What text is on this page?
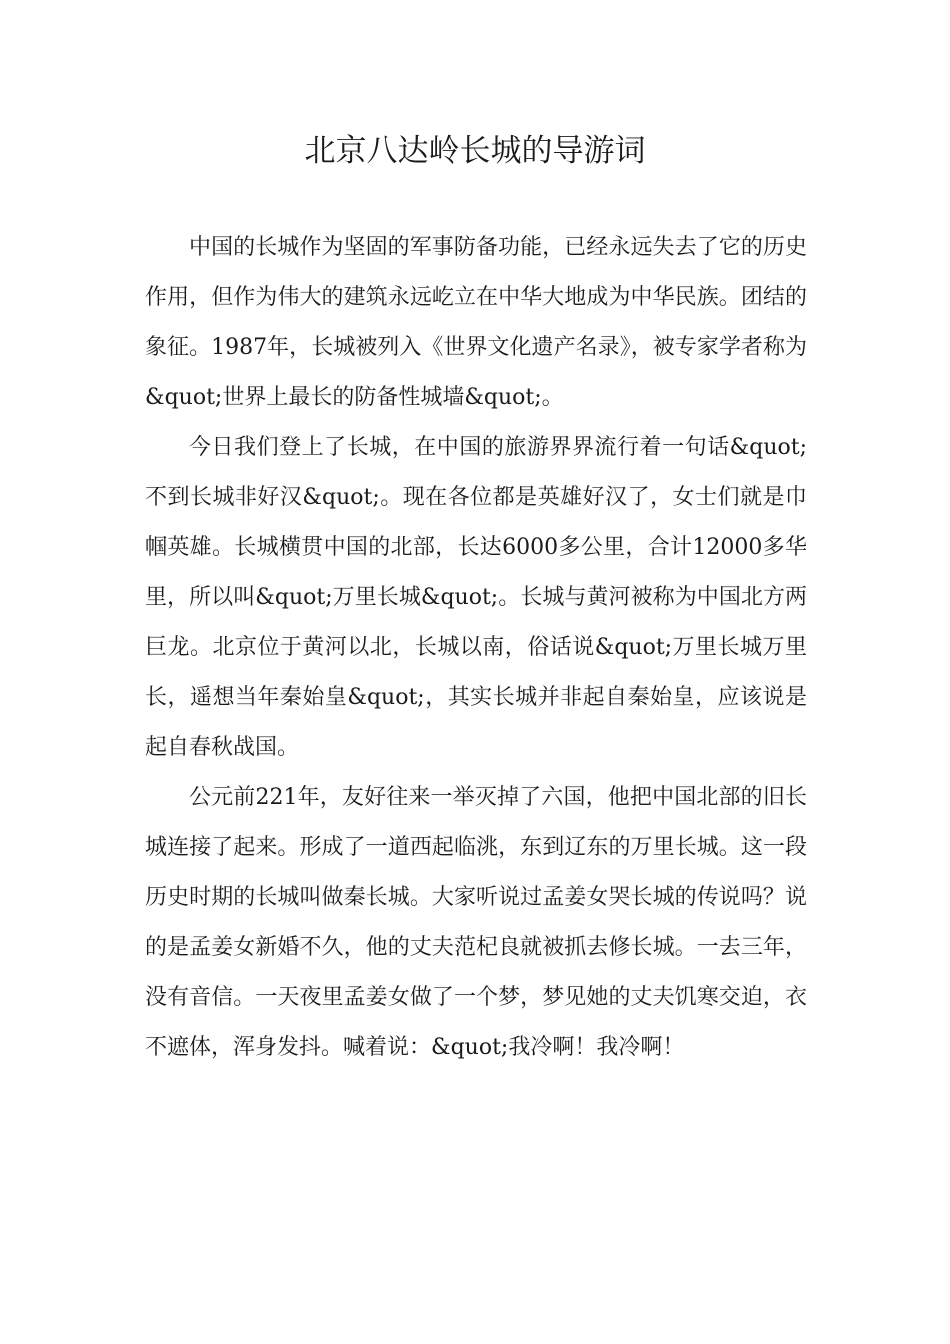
北京八达岭长城的导游词

中国的长城作为坚固的军事防备功能，已经永远失去了它的历史作用，但作为伟大的建筑永远屹立在中华大地成为中华民族。团结的象征。1987年，长城被列入《世界文化遗产名录》，被专家学者称为&quot;世界上最长的防备性城墙&quot;。

今日我们登上了长城，在中国的旅游界界流行着一句话&quot;不到长城非好汉&quot;。现在各位都是英雄好汉了，女士们就是巾帼英雄。长城横贯中国的北部，长达6000多公里，合计12000多华里，所以叫&quot;万里长城&quot;。长城与黄河被称为中国北方两巨龙。北京位于黄河以北，长城以南，俗话说&quot;万里长城万里长，遥想当年秦始皇&quot;，其实长城并非起自秦始皇，应该说是起自春秋战国。

公元前221年，友好往来一举灭掉了六国，他把中国北部的旧长城连接了起来。形成了一道西起临洮，东到辽东的万里长城。这一段历史时期的长城叫做秦长城。大家听说过孟姜女哭长城的传说吗？说的是孟姜女新婚不久，他的丈夫范杞良就被抓去修长城。一去三年，没有音信。一天夜里孟姜女做了一个梦，梦见她的丈夫饥寒交迫，衣不遮体，浑身发抖。喊着说：&quot;我冷啊！我冷啊！
